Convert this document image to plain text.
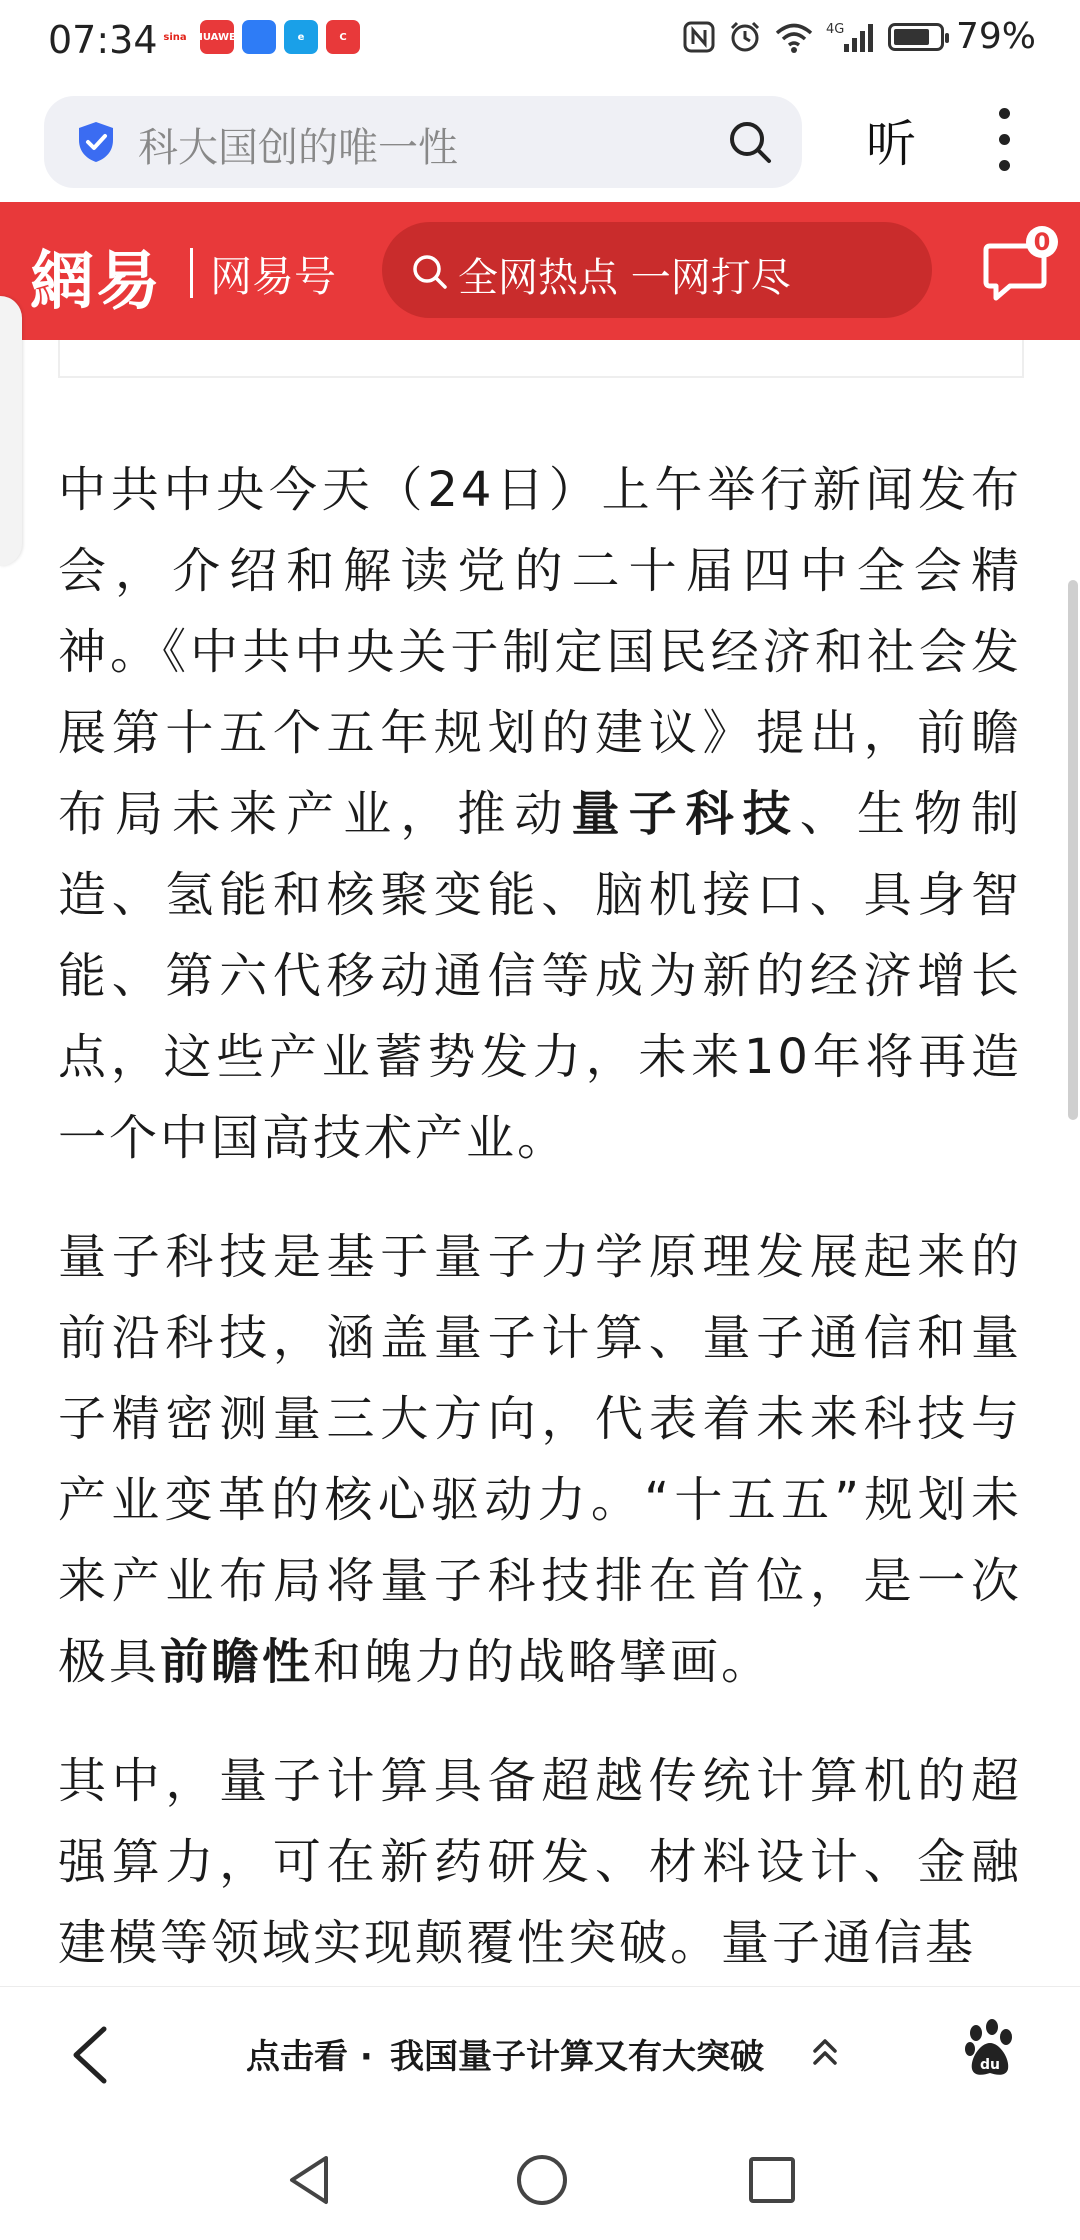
07:34 sina HUAWEI	e	C
4G	79%
科大国创的唯一性	听
網易 网易号	全网热点 一网打尽
0

中共中央今天（24日）上午举行新闻发布会，介绍和解读党的二十届四中全会精神。《中共中央关于制定国民经济和社会发展第十五个五年规划的建议》提出，前瞻布局未来产业，推动量子科技、生物制造、氢能和核聚变能、脑机接口、具身智能、第六代移动通信等成为新的经济增长点，这些产业蓄势发力，未来10年将再造一个中国高技术产业。

量子科技是基于量子力学原理发展起来的前沿科技，涵盖量子计算、量子通信和量子精密测量三大方向，代表着未来科技与产业变革的核心驱动力。“十五五”规划未来产业布局将量子科技排在首位，是一次极具前瞻性和魄力的战略擘画。

其中，量子计算具备超越传统计算机的超强算力，可在新药研发、材料设计、金融建模等领域实现颠覆性突破。量子通信基

点击看 · 我国量子计算又有大突破	du
